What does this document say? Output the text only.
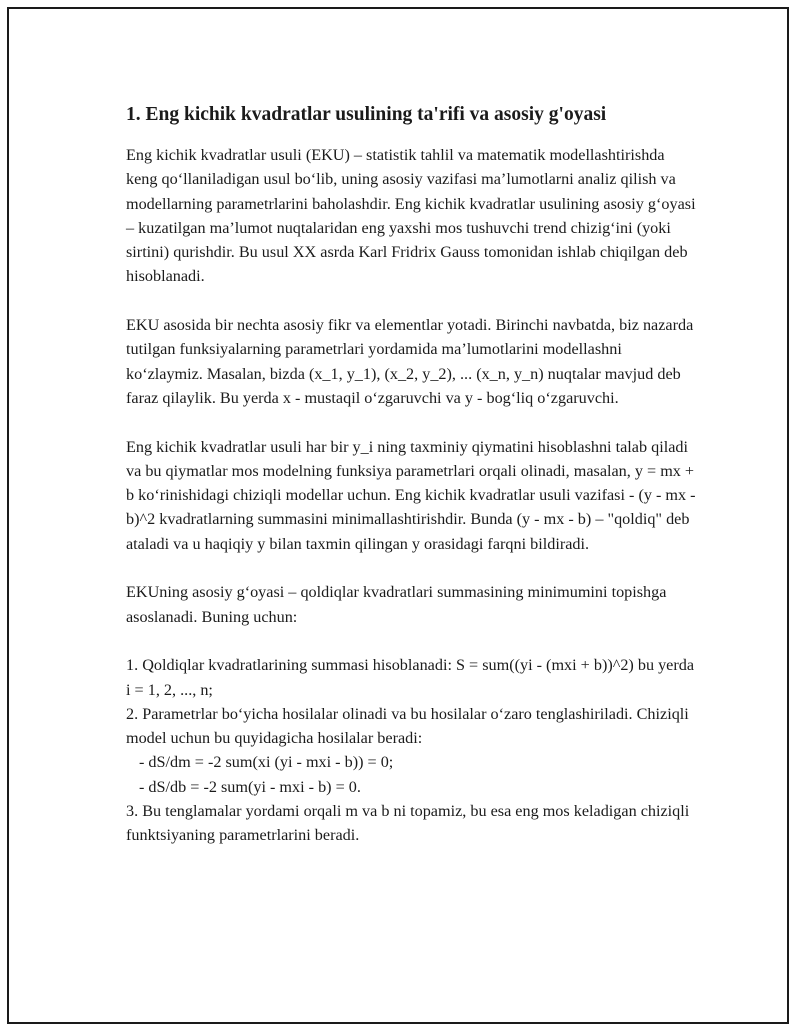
1. Eng kichik kvadratlar usulining ta'rifi va asosiy g'oyasi

Eng kichik kvadratlar usuli (EKU) – statistik tahlil va matematik modellashtirishda keng qo‘llaniladigan usul bo‘lib, uning asosiy vazifasi ma’lumotlarni analiz qilish va modellarning parametrlarini baholashdir. Eng kichik kvadratlar usulining asosiy g‘oyasi – kuzatilgan ma’lumot nuqtalaridan eng yaxshi mos tushuvchi trend chizig‘ini (yoki sirtini) qurishdir. Bu usul XX asrda Karl Fridrix Gauss tomonidan ishlab chiqilgan deb hisoblanadi.

EKU asosida bir nechta asosiy fikr va elementlar yotadi. Birinchi navbatda, biz nazarda tutilgan funksiyalarning parametrlari yordamida ma’lumotlarini modellashni ko‘zlaymiz. Masalan, bizda (x_1, y_1), (x_2, y_2), ... (x_n, y_n) nuqtalar mavjud deb faraz qilaylik. Bu yerda x - mustaqil o‘zgaruvchi va y - bog‘liq o‘zgaruvchi.

Eng kichik kvadratlar usuli har bir y_i ning taxminiy qiymatini hisoblashni talab qiladi va bu qiymatlar mos modelning funksiya parametrlari orqali olinadi, masalan, y = mx + b ko‘rinishidagi chiziqli modellar uchun. Eng kichik kvadratlar usuli vazifasi - (y - mx - b)^2 kvadratlarning summasini minimallashtirishdir. Bunda (y - mx - b) – "qoldiq" deb ataladi va u haqiqiy y bilan taxmin qilingan y orasidagi farqni bildiradi.

EKUning asosiy g‘oyasi – qoldiqlar kvadratlari summasining minimumini topishga asoslanadi. Buning uchun:

1. Qoldiqlar kvadratlarining summasi hisoblanadi: S = sum((yi - (mxi + b))^2) bu yerda i = 1, 2, ..., n;
2. Parametrlar bo‘yicha hosilalar olinadi va bu hosilalar o‘zaro tenglashiriladi. Chiziqli model uchun bu quyidagicha hosilalar beradi:
- dS/dm = -2 sum(xi (yi - mxi - b)) = 0;
- dS/db = -2 sum(yi - mxi - b) = 0.
3. Bu tenglamalar yordami orqali m va b ni topamiz, bu esa eng mos keladigan chiziqli funktsiyaning parametrlarini beradi.
